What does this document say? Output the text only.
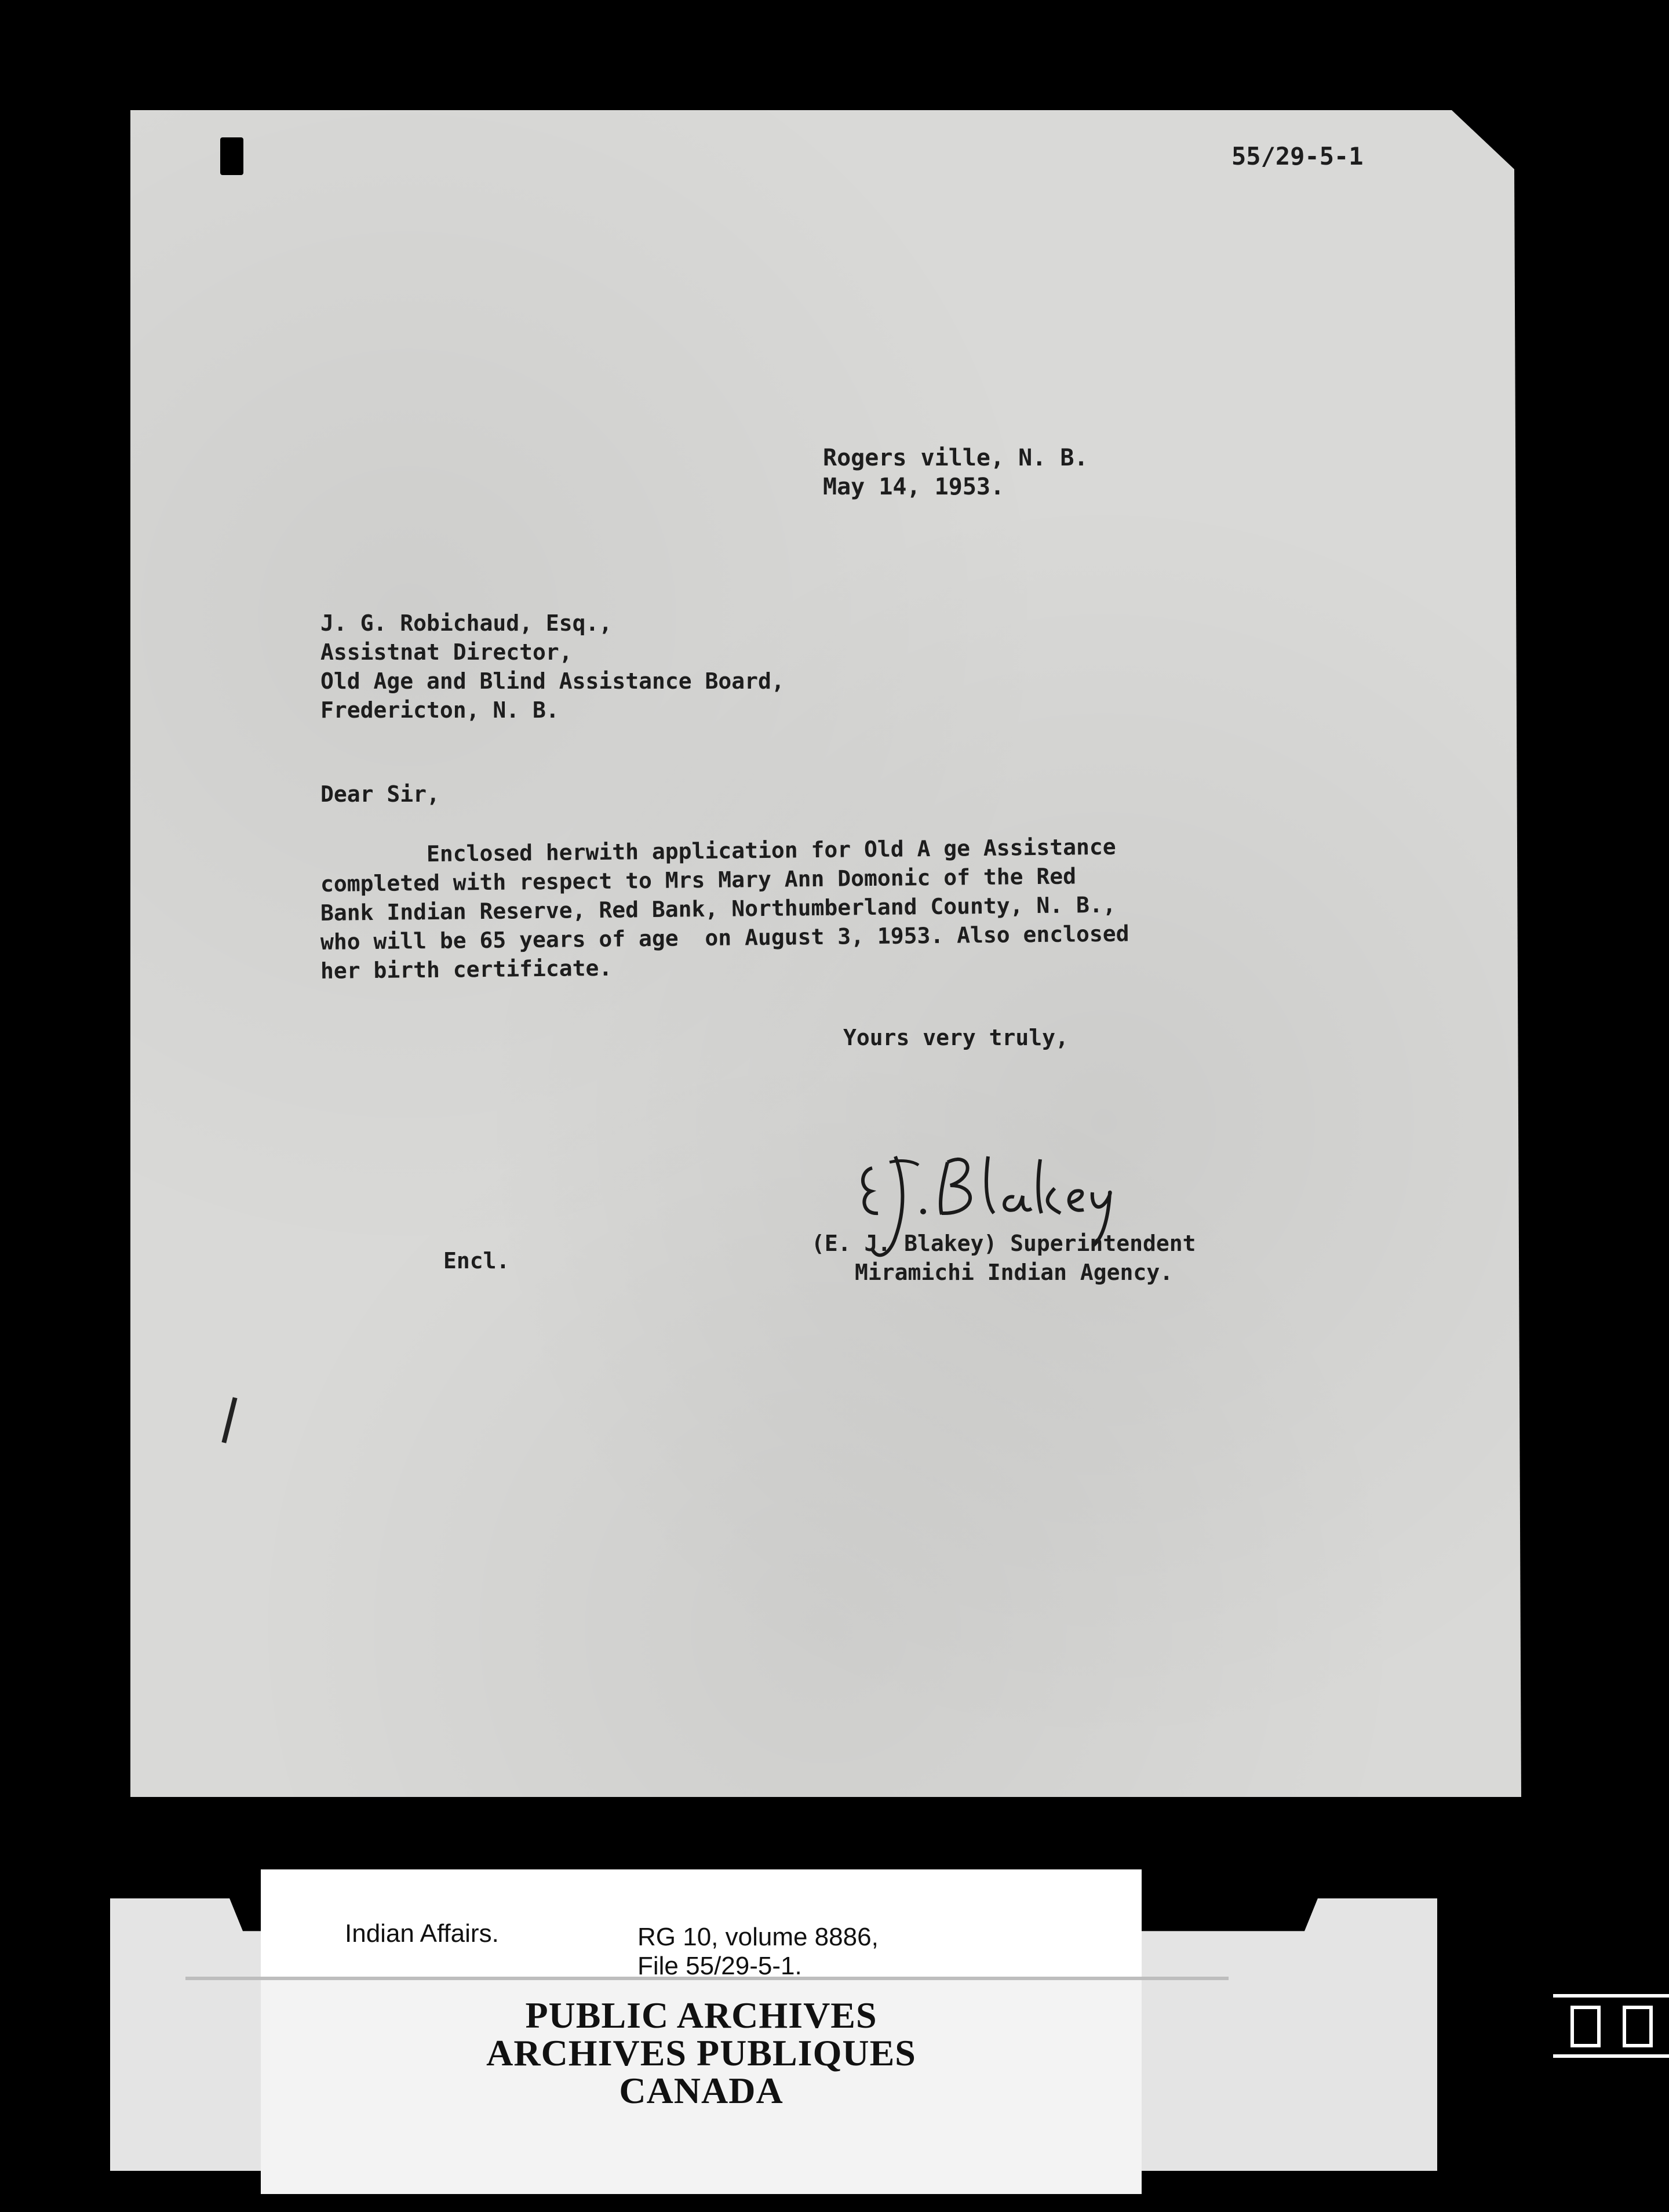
55/29-5-1
Rogers ville, N. B.
May 14, 1953.
J. G. Robichaud, Esq.,
Assistnat Director,
Old Age and Blind Assistance Board,
Fredericton, N. B.
Dear Sir,
Enclosed herwith application for Old A ge Assistance
completed with respect to Mrs Mary Ann Domonic of the Red
Bank Indian Reserve, Red Bank, Northumberland County, N. B.,
who will be 65 years of age  on August 3, 1953. Also enclosed
her birth certificate.
Yours very truly,
(E. J. Blakey) Superintendent
Miramichi Indian Agency.
Encl.
Indian Affairs.	RG 10, volume 8886,
File 55/29-5-1.
PUBLIC ARCHIVES
ARCHIVES PUBLIQUES
CANADA
